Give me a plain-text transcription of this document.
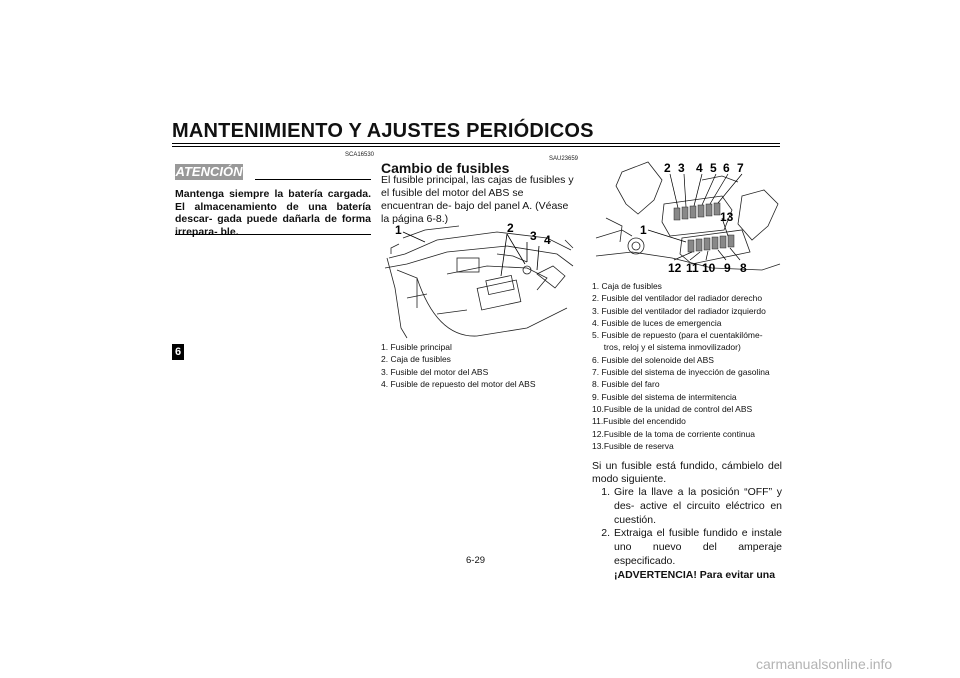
MANTENIMIENTO Y AJUSTES PERIÓDICOS
6
SCA16530
ATENCIÓN
Mantenga siempre la batería cargada. El almacenamiento de una batería descar- gada puede dañarla de forma irrepara- ble.
SAU23659
Cambio de fusibles
El fusible principal, las cajas de fusibles y el fusible del motor del ABS se encuentran de- bajo del panel A. (Véase la página 6-8.)
1	2
3 4
1. Fusible principal
2. Caja de fusibles
3. Fusible del motor del ABS
4. Fusible de repuesto del motor del ABS
2 3 4 5 6 7
13
1
12 11 10 9 8
1. Caja de fusibles
2. Fusible del ventilador del radiador derecho
3. Fusible del ventilador del radiador izquierdo
4. Fusible de luces de emergencia
5. Fusible de repuesto (para el cuentakilóme-
tros, reloj y el sistema inmovilizador)
6. Fusible del solenoide del ABS
7. Fusible del sistema de inyección de gasolina
8. Fusible del faro
9. Fusible del sistema de intermitencia
10.Fusible de la unidad de control del ABS
11.Fusible del encendido
12.Fusible de la toma de corriente continua
13.Fusible de reserva
Si un fusible está fundido, cámbielo del modo siguiente.
1. Gire la llave a la posición “OFF” y des- active el circuito eléctrico en cuestión.
2. Extraiga el fusible fundido e instale uno nuevo del amperaje especificado.
¡ADVERTENCIA! Para evitar una
6-29
carmanualsonline.info
